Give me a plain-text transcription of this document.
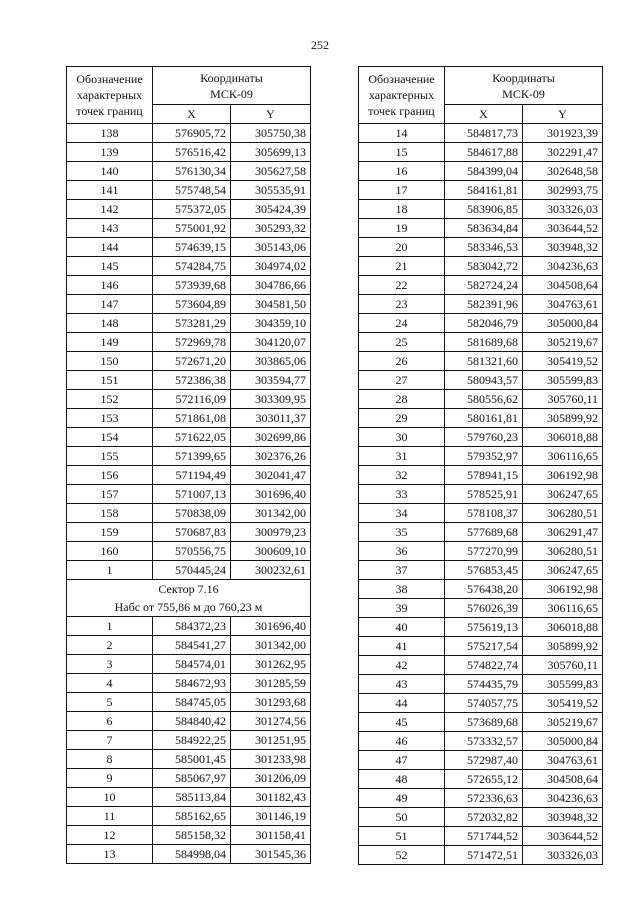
252
Обозначение характерных точек границ	Координаты
МСК-09	
	X	Y
138	576905,72	305750,38
139	576516,42	305699,13
140	576130,34	305627,58
141	575748,54	305535,91
142	575372,05	305424,39
143	575001,92	305293,32
144	574639,15	305143,06
145	574284,75	304974,02
146	573939,68	304786,66
147	573604,89	304581,50
148	573281,29	304359,10
149	572969,78	304120,07
150	572671,20	303865,06
151	572386,38	303594,77
152	572116,09	303309,95
153	571861,08	303011,37
154	571622,05	302699,86
155	571399,65	302376,26
156	571194,49	302041,47
157	571007,13	301696,40
158	570838,09	301342,00
159	570687,83	300979,23
160	570556,75	300609,10
1	570445,24	300232,61
Сектор 7.16
Набс от 755,86 м до 760,23 м		
1	584372,23	301696,40
2	584541,27	301342,00
3	584574,01	301262,95
4	584672,93	301285,59
5	584745,05	301293,68
6	584840,42	301274,56
7	584922,25	301251,95
8	585001,45	301233,98
9	585067,97	301206,09
10	585113,84	301182,43
11	585162,65	301146,19
12	585158,32	301158,41
13	584998,04	301545,36
Обозначение характерных точек границ	Координаты
МСК-09	
	X	Y
14	584817,73	301923,39
15	584617,88	302291,47
16	584399,04	302648,58
17	584161,81	302993,75
18	583906,85	303326,03
19	583634,84	303644,52
20	583346,53	303948,32
21	583042,72	304236,63
22	582724,24	304508,64
23	582391,96	304763,61
24	582046,79	305000,84
25	581689,68	305219,67
26	581321,60	305419,52
27	580943,57	305599,83
28	580556,62	305760,11
29	580161,81	305899,92
30	579760,23	306018,88
31	579352,97	306116,65
32	578941,15	306192,98
33	578525,91	306247,65
34	578108,37	306280,51
35	577689,68	306291,47
36	577270,99	306280,51
37	576853,45	306247,65
38	576438,20	306192,98
39	576026,39	306116,65
40	575619,13	306018,88
41	575217,54	305899,92
42	574822,74	305760,11
43	574435,79	305599,83
44	574057,75	305419,52
45	573689,68	305219,67
46	573332,57	305000,84
47	572987,40	304763,61
48	572655,12	304508,64
49	572336,63	304236,63
50	572032,82	303948,32
51	571744,52	303644,52
52	571472,51	303326,03
